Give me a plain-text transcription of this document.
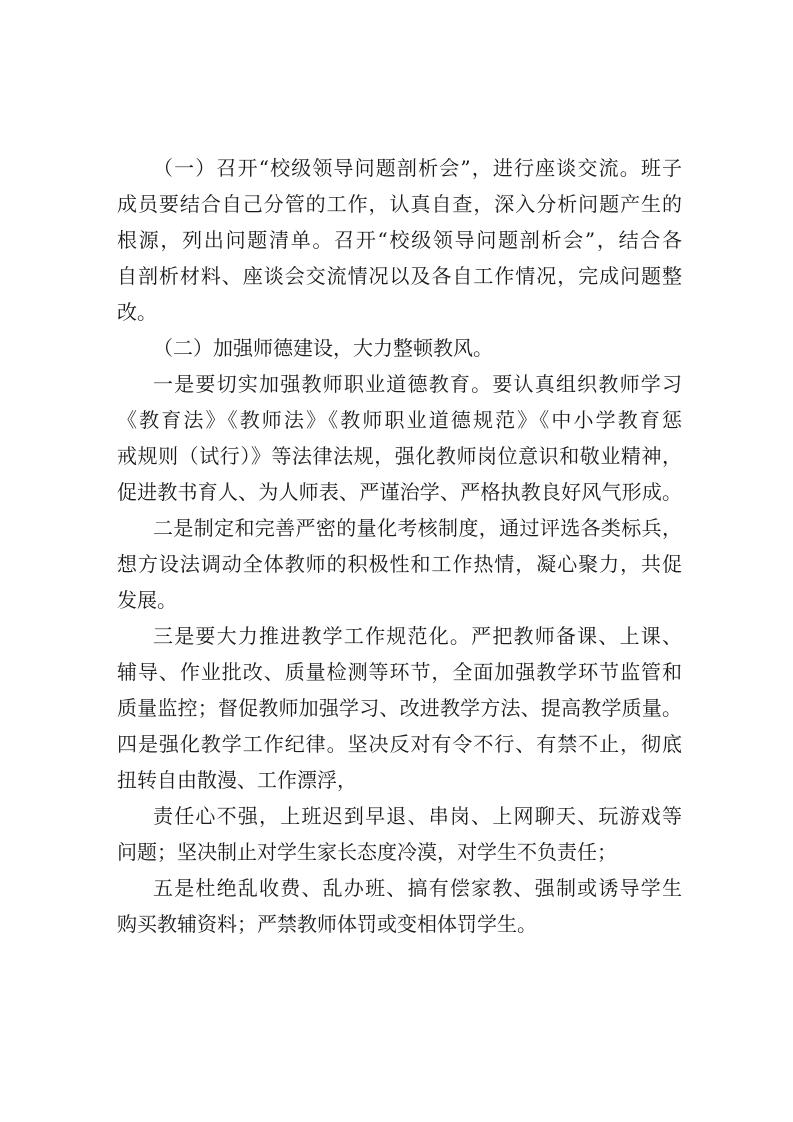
（一）召开“校级领导问题剖析会”，进行座谈交流。班子
成员要结合自己分管的工作，认真自查，深入分析问题产生的
根源，列出问题清单。召开“校级领导问题剖析会”，结合各
自剖析材料、座谈会交流情况以及各自工作情况，完成问题整
改。
（二）加强师德建设，大力整顿教风。
一是要切实加强教师职业道德教育。要认真组织教师学习
《教育法》《教师法》《教师职业道德规范》《中小学教育惩
戒规则（试行）》等法律法规，强化教师岗位意识和敬业精神，
促进教书育人、为人师表、严谨治学、严格执教良好风气形成。
二是制定和完善严密的量化考核制度，通过评选各类标兵，
想方设法调动全体教师的积极性和工作热情，凝心聚力，共促
发展。
三是要大力推进教学工作规范化。严把教师备课、上课、
辅导、作业批改、质量检测等环节，全面加强教学环节监管和
质量监控；督促教师加强学习、改进教学方法、提高教学质量。
四是强化教学工作纪律。坚决反对有令不行、有禁不止，彻底
扭转自由散漫、工作漂浮，
责任心不强，上班迟到早退、串岗、上网聊天、玩游戏等
问题；坚决制止对学生家长态度冷漠，对学生不负责任；
五是杜绝乱收费、乱办班、搞有偿家教、强制或诱导学生
购买教辅资料；严禁教师体罚或变相体罚学生。
